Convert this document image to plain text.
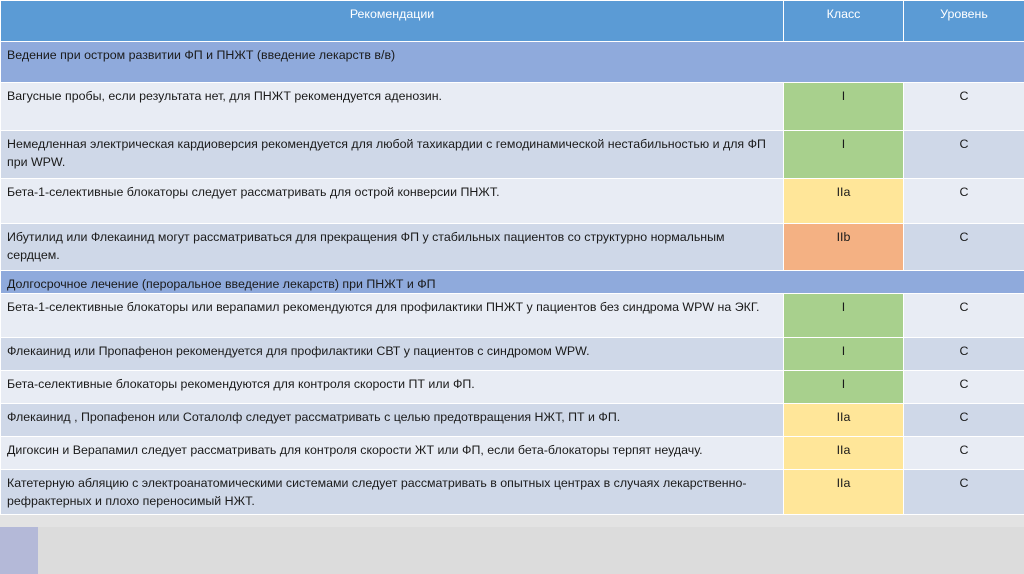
Рекомендации	Класс	Уровень
Ведение при остром развитии ФП и ПНЖТ (введение лекарств в/в)		
Вагусные пробы, если результата нет, для ПНЖТ рекомендуется аденозин.	I	C
Немедленная электрическая кардиоверсия рекомендуется для любой тахикардии с гемодинамической нестабильностью и для ФП при WPW.	I	C
Бета-1-селективные блокаторы следует рассматривать для острой конверсии ПНЖТ.	IIa	C
Ибутилид или Флекаинид могут рассматриваться для прекращения ФП у стабильных пациентов со структурно нормальным сердцем.	IIb	C
Долгосрочное лечение (пероральное введение лекарств) при ПНЖТ и ФП		
Бета-1-селективные блокаторы или верапамил рекомендуются для профилактики ПНЖТ у пациентов без синдрома WPW на ЭКГ.	I	C
Флекаинид или Пропафенон рекомендуется для профилактики СВТ у пациентов с синдромом WPW.	I	C
Бета-селективные блокаторы рекомендуются для контроля скорости ПТ или ФП.	I	C
Флекаинид , Пропафенон или Соталолф следует рассматривать с целью предотвращения НЖТ, ПТ и ФП.	IIa	C
Дигоксин и Верапамил следует рассматривать для контроля скорости ЖТ или ФП, если бета-блокаторы терпят неудачу.	IIa	C
Катетерную абляцию с электроанатомическими системами следует рассматривать в опытных центрах в случаях лекарственно-рефрактерных и плохо переносимый НЖТ.	IIa	C
